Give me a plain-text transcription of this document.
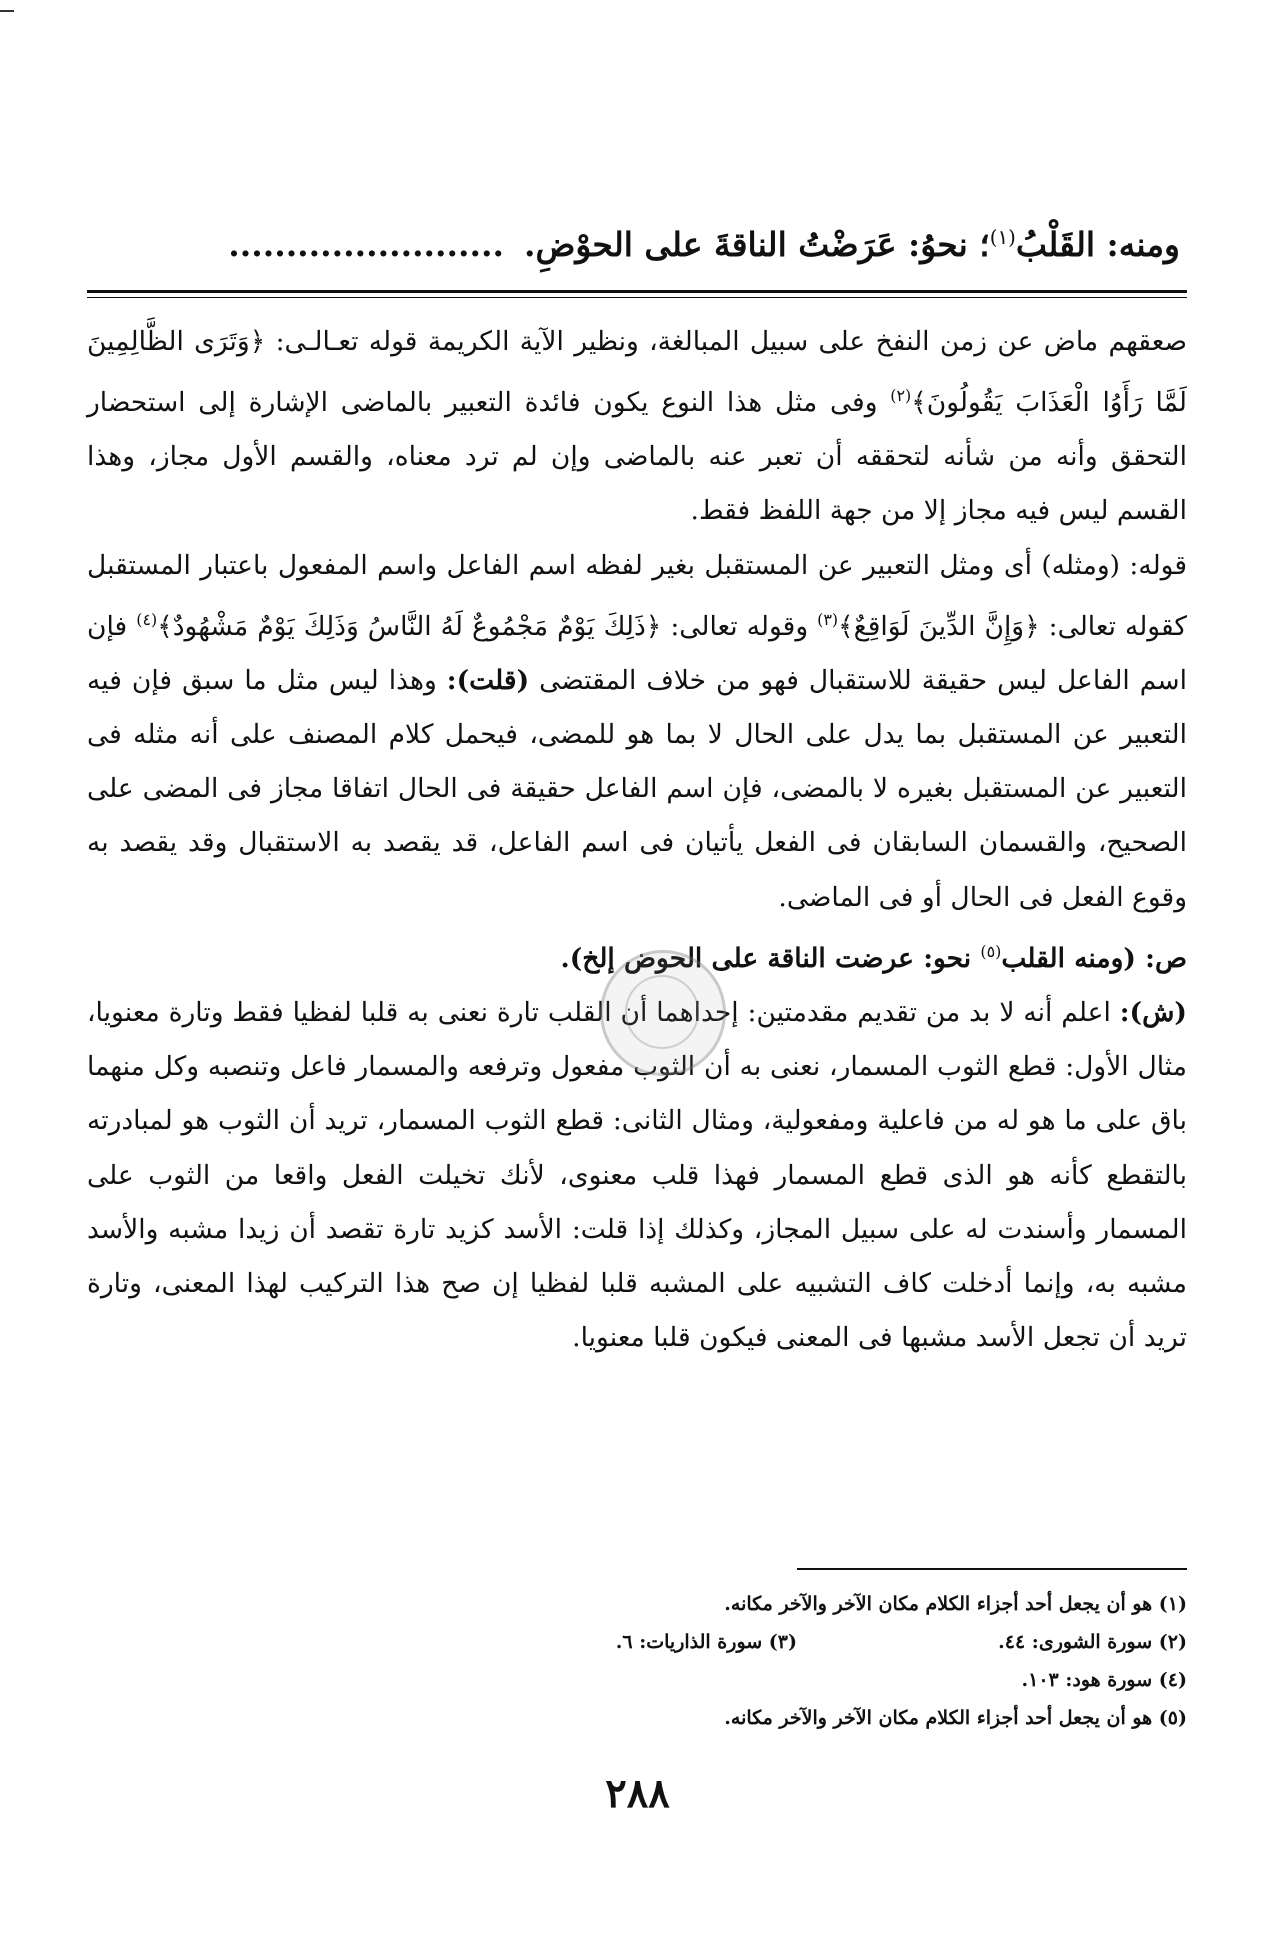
ومنه: القَلْبُ$^{(١)}$؛ نحوُ: عَرَضْتُ الناقةَ على الحوْضِ.........................

صعقهم ماض عن زمن النفخ على سبيل المبالغة، ونظير الآية الكريمة قوله تعـالـى: ﴿وَتَرَى الظَّالِمِينَ لَمَّا رَأَوُا الْعَذَابَ يَقُولُونَ﴾$^{(٢)}$ وفى مثل هذا النوع يكون فائدة التعبير بالماضى الإشارة إلى استحضار التحقق وأنه من شأنه لتحققه أن تعبر عنه بالماضى وإن لم ترد معناه، والقسم الأول مجاز، وهذا القسم ليس فيه مجاز إلا من جهة اللفظ فقط.

قوله: (ومثله) أى ومثل التعبير عن المستقبل بغير لفظه اسم الفاعل واسم المفعول باعتبار المستقبل كقوله تعالى: ﴿وَإِنَّ الدِّينَ لَوَاقِعٌ﴾$^{(٣)}$ وقوله تعالى: ﴿ذَلِكَ يَوْمٌ مَجْمُوعٌ لَهُ النَّاسُ وَذَلِكَ يَوْمٌ مَشْهُودٌ﴾$^{(٤)}$ فإن اسم الفاعل ليس حقيقة للاستقبال فهو من خلاف المقتضى (قلت): وهذا ليس مثل ما سبق فإن فيه التعبير عن المستقبل بما يدل على الحال لا بما هو للمضى، فيحمل كلام المصنف على أنه مثله فى التعبير عن المستقبل بغيره لا بالمضى، فإن اسم الفاعل حقيقة فى الحال اتفاقا مجاز فى المضى على الصحيح، والقسمان السابقان فى الفعل يأتيان فى اسم الفاعل، قد يقصد به الاستقبال وقد يقصد به وقوع الفعل فى الحال أو فى الماضى.

ص: (ومنه القلب$^{(٥)}$ نحو: عرضت الناقة على الحوض إلخ).

(ش): اعلم أنه لا بد من تقديم مقدمتين: إحداهما أن القلب تارة نعنى به قلبا لفظيا فقط وتارة معنويا، مثال الأول: قطع الثوب المسمار، نعنى به أن الثوب مفعول وترفعه والمسمار فاعل وتنصبه وكل منهما باق على ما هو له من فاعلية ومفعولية، ومثال الثانى: قطع الثوب المسمار، تريد أن الثوب هو لمبادرته بالتقطع كأنه هو الذى قطع المسمار فهذا قلب معنوى، لأنك تخيلت الفعل واقعا من الثوب على المسمار وأسندت له على سبيل المجاز، وكذلك إذا قلت: الأسد كزيد تارة تقصد أن زيدا مشبه والأسد مشبه به، وإنما أدخلت كاف التشبيه على المشبه قلبا لفظيا إن صح هذا التركيب لهذا المعنى، وتارة تريد أن تجعل الأسد مشبها فى المعنى فيكون قلبا معنويا.

(١) هو أن يجعل أحد أجزاء الكلام مكان الآخر والآخر مكانه.
(٢) سورة الشورى: ٤٤.
(٣) سورة الذاريات: ٦.
(٤) سورة هود: ١٠٣.
(٥) هو أن يجعل أحد أجزاء الكلام مكان الآخر والآخر مكانه.
٢٨٨
